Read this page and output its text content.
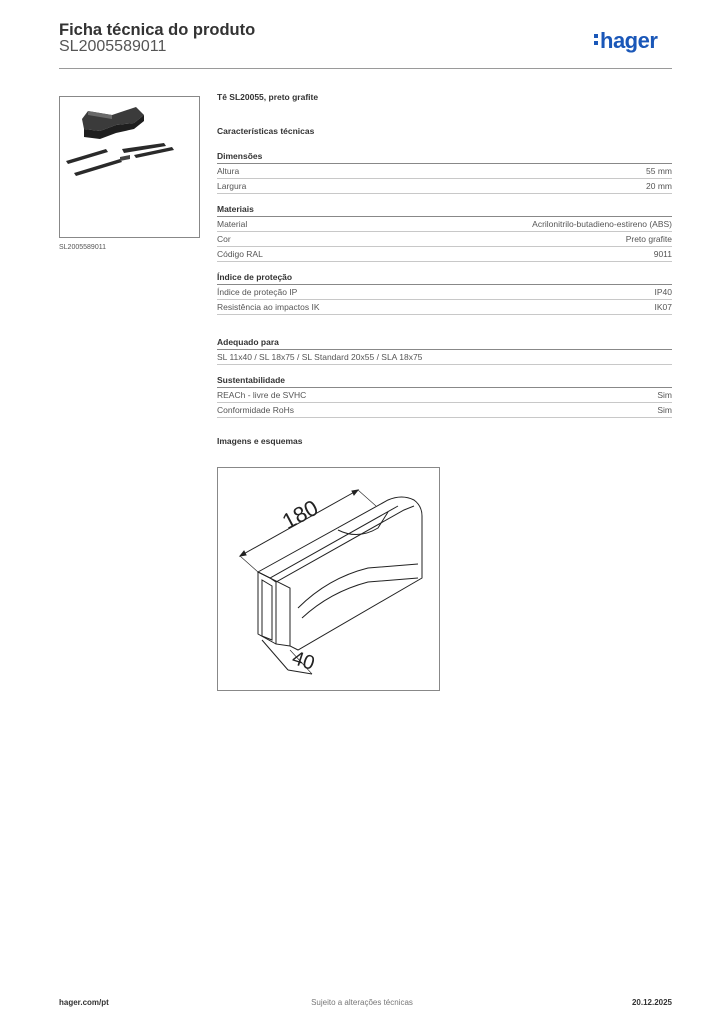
Ficha técnica do produto
SL2005589011	hager
SL2005589011
Tê SL20055, preto grafite
Características técnicas
Dimensões
Altura	55 mm
Largura	20 mm
Materiais
Material	Acrilonitrilo-butadieno-estireno (ABS)
Cor	Preto grafite
Código RAL	9011
Índice de proteção
Índice de proteção IP	IP40
Resistência ao impactos IK	IK07
Adequado para
SL 11x40 / SL 18x75 / SL Standard 20x55 / SLA 18x75
Sustentabilidade
REACh - livre de SVHC	Sim
Conformidade RoHs	Sim
Imagens e esquemas
180
40
Sujeito a alterações técnicas
hager.com/pt	20.12.2025
